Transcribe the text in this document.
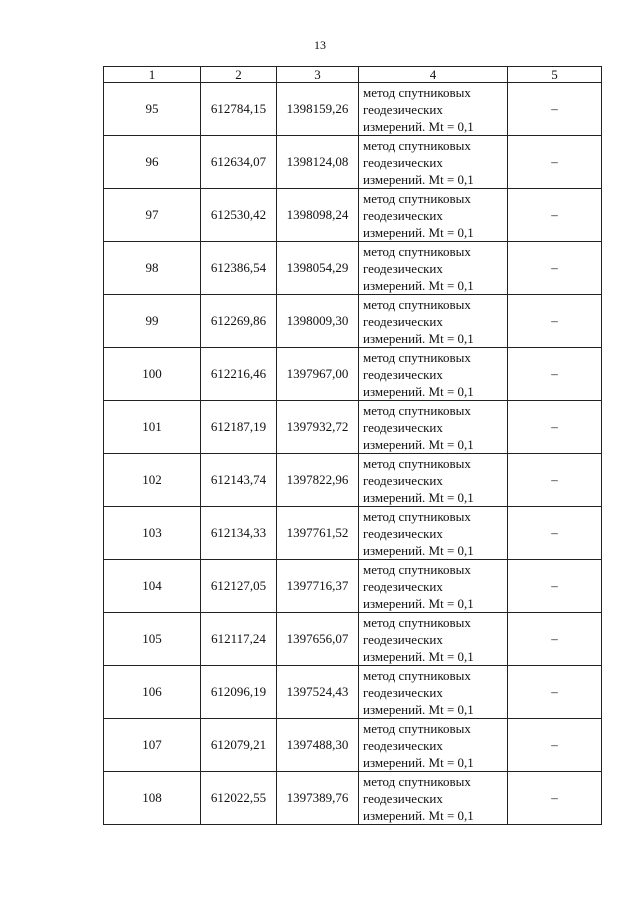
13
1	2	3	4	5
95	612784,15	1398159,26	метод спутниковых
геодезических
измерений. Mt = 0,1	–
96	612634,07	1398124,08	метод спутниковых
геодезических
измерений. Mt = 0,1	–
97	612530,42	1398098,24	метод спутниковых
геодезических
измерений. Mt = 0,1	–
98	612386,54	1398054,29	метод спутниковых
геодезических
измерений. Mt = 0,1	–
99	612269,86	1398009,30	метод спутниковых
геодезических
измерений. Mt = 0,1	–
100	612216,46	1397967,00	метод спутниковых
геодезических
измерений. Mt = 0,1	–
101	612187,19	1397932,72	метод спутниковых
геодезических
измерений. Mt = 0,1	–
102	612143,74	1397822,96	метод спутниковых
геодезических
измерений. Mt = 0,1	–
103	612134,33	1397761,52	метод спутниковых
геодезических
измерений. Mt = 0,1	–
104	612127,05	1397716,37	метод спутниковых
геодезических
измерений. Mt = 0,1	–
105	612117,24	1397656,07	метод спутниковых
геодезических
измерений. Mt = 0,1	–
106	612096,19	1397524,43	метод спутниковых
геодезических
измерений. Mt = 0,1	–
107	612079,21	1397488,30	метод спутниковых
геодезических
измерений. Mt = 0,1	–
108	612022,55	1397389,76	метод спутниковых
геодезических
измерений. Mt = 0,1	–
